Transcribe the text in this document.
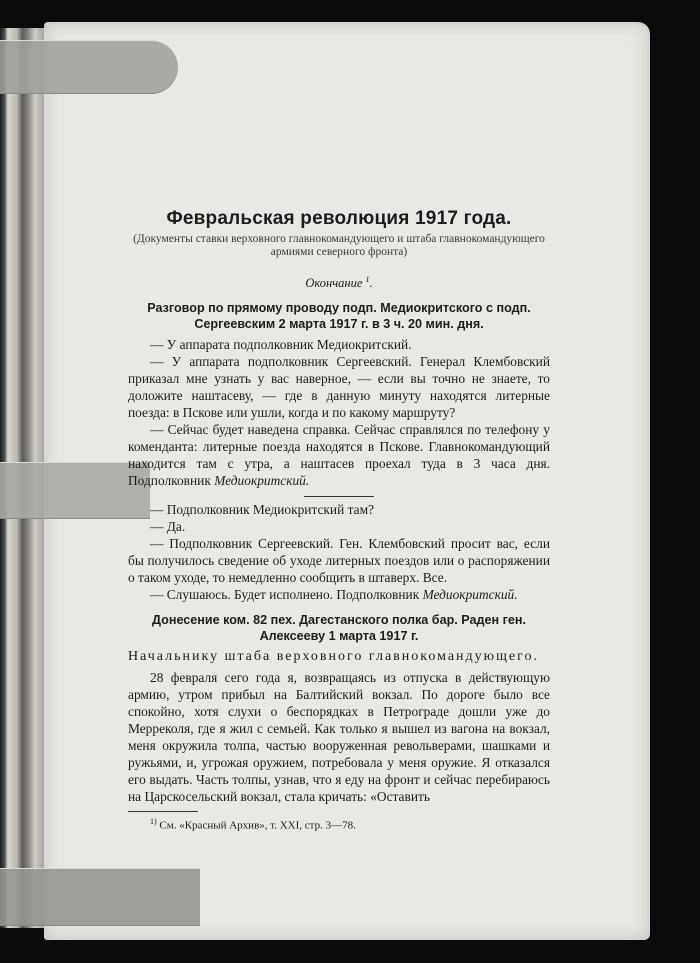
Февральская революция 1917 года.
(Документы ставки верховного главнокомандующего и штаба главнокомандующего армиями северного фронта)
Окончание $^1$.
Разговор по прямому проводу подп. Медиокритского с подп. Сергеевским 2 марта 1917 г. в 3 ч. 20 мин. дня.

— У аппарата подполковник Медиокритский.

— У аппарата подполковник Сергеевский. Генерал Клембовский приказал мне узнать у вас наверное, — если вы точно не знаете, то доложите наштасеву, — где в данную минуту находятся литерные поезда: в Пскове или ушли, когда и по какому маршруту?

— Сейчас будет наведена справка. Сейчас справлялся по телефону у коменданта: литерные поезда находятся в Пскове. Главнокомандующий находится там с утра, а наштасев проехал туда в 3 часа дня. Подполковник Медиокритский.

— Подполковник Медиокритский там?

— Да.

— Подполковник Сергеевский. Ген. Клембовский просит вас, если бы получилось сведение об уходе литерных поездов или о распоряжении о таком уходе, то немедленно сообщить в штаверх. Все.

— Слушаюсь. Будет исполнено. Подполковник Медиокритский.

Донесение ком. 82 пех. Дагестанского полка бар. Раден ген. Алексееву 1 марта 1917 г.

Начальнику штаба верховного главнокомандующего.

28 февраля сего года я, возвращаясь из отпуска в действующую армию, утром прибыл на Балтийский вокзал. По дороге было все спокойно, хотя слухи о беспорядках в Петрограде дошли уже до Мерреколя, где я жил с семьей. Как только я вышел из вагона на вокзал, меня окружила толпа, частью вооруженная револьверами, шашками и ружьями, и, угрожая оружием, потребовала у меня оружие. Я отказался его выдать. Часть толпы, узнав, что я еду на фронт и сейчас перебираюсь на Царскосельский вокзал, стала кричать: «Оставить

$^{1)}$ См. «Красный Архив», т. XXI, стр. 3—78.
